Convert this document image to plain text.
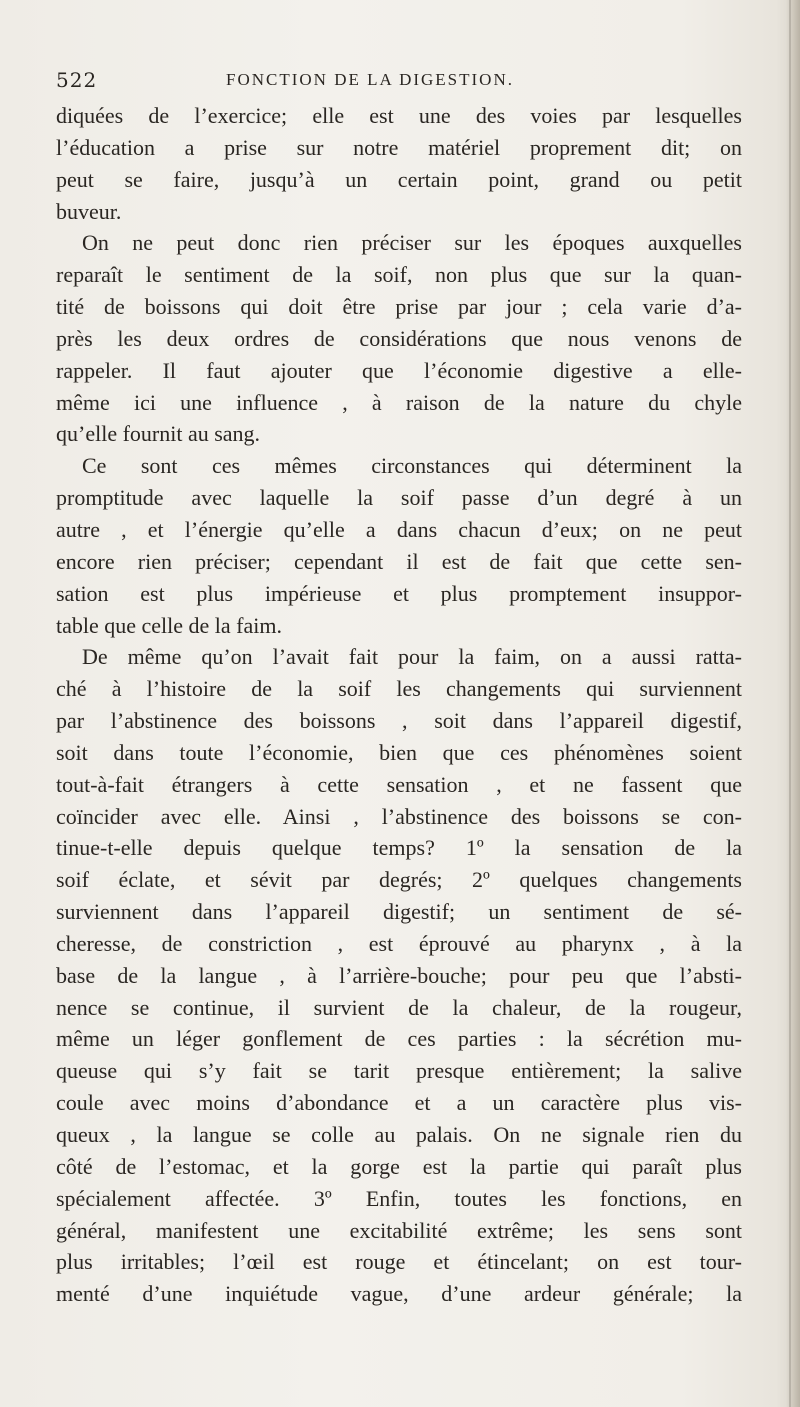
522	FONCTION DE LA DIGESTION.
diquées de l’exercice; elle est une des voies par lesquelles
l’éducation a prise sur notre matériel proprement dit; on
peut se faire, jusqu’à un certain point, grand ou petit
buveur.
On ne peut donc rien préciser sur les époques auxquelles
reparaît le sentiment de la soif, non plus que sur la quan-
tité de boissons qui doit être prise par jour ; cela varie d’a-
près les deux ordres de considérations que nous venons de
rappeler. Il faut ajouter que l’économie digestive a elle-
même ici une influence , à raison de la nature du chyle
qu’elle fournit au sang.
Ce sont ces mêmes circonstances qui déterminent la
promptitude avec laquelle la soif passe d’un degré à un
autre , et l’énergie qu’elle a dans chacun d’eux; on ne peut
encore rien préciser; cependant il est de fait que cette sen-
sation est plus impérieuse et plus promptement insuppor-
table que celle de la faim.
De même qu’on l’avait fait pour la faim, on a aussi ratta-
ché à l’histoire de la soif les changements qui surviennent
par l’abstinence des boissons , soit dans l’appareil digestif,
soit dans toute l’économie, bien que ces phénomènes soient
tout-à-fait étrangers à cette sensation , et ne fassent que
coïncider avec elle. Ainsi , l’abstinence des boissons se con-
tinue-t-elle depuis quelque temps? 1º la sensation de la
soif éclate, et sévit par degrés; 2º quelques changements
surviennent dans l’appareil digestif; un sentiment de sé-
cheresse, de constriction , est éprouvé au pharynx , à la
base de la langue , à l’arrière-bouche; pour peu que l’absti-
nence se continue, il survient de la chaleur, de la rougeur,
même un léger gonflement de ces parties : la sécrétion mu-
queuse qui s’y fait se tarit presque entièrement; la salive
coule avec moins d’abondance et a un caractère plus vis-
queux , la langue se colle au palais. On ne signale rien du
côté de l’estomac, et la gorge est la partie qui paraît plus
spécialement affectée. 3º Enfin, toutes les fonctions, en
général, manifestent une excitabilité extrême; les sens sont
plus irritables; l’œil est rouge et étincelant; on est tour-
menté d’une inquiétude vague, d’une ardeur générale; la
